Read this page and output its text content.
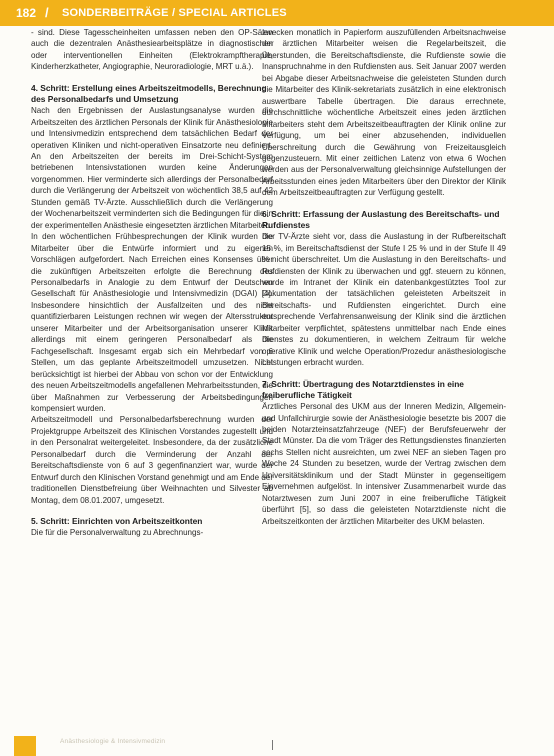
182 / SONDERBEITRÄGE / SPECIAL ARTICLES

- sind. Diese Tagesscheinheiten umfassen neben den OP-Sälen auch die dezentralen Anästhesiearbeitsplätze in diagnostischen oder interventionellen Einheiten (Elektrokrampftherapie, Kinderherzkatheter, Angiographie, Neuroradiologie, MRT u.ä.).

4. Schritt: Erstellung eines Arbeitszeitmodells, Berechnung des Personalbedarfs und Umsetzung

Nach den Ergebnissen der Auslastungsanalyse wurden die Arbeitszeiten des ärztlichen Personals der Klinik für Anästhesiologie und Intensivmedizin entsprechend dem tatsächlichen Bedarf der operativen Kliniken und nicht-operativen Einsatzorte neu definiert. An den Arbeitszeiten der bereits im Drei-Schicht-System betriebenen Intensivstationen wurden keine Änderungen vorgenommen. Hier verminderte sich allerdings der Personalbedarf durch die Verlängerung der Arbeitszeit von wöchentlich 38,5 auf 42 Stunden gemäß TV-Ärzte. Ausschließlich durch die Verlängerung der Wochenarbeitszeit verminderten sich die Bedingungen für die in der experimentellen Anästhesie eingesetzten ärztlichen Mitarbeiter.

In den wöchentlichen Frühbesprechungen der Klinik wurden die Mitarbeiter über die Entwürfe informiert und zu eigenen Vorschlägen aufgefordert. Nach Erreichen eines Konsenses über die zukünftigen Arbeitszeiten erfolgte die Berechnung des Personalbedarfs in Analogie zu dem Entwurf der Deutschen Gesellschaft für Anästhesiologie und Intensivmedizin (DGAI) [4]. Insbesondere hinsichtlich der Ausfallzeiten und des nicht quantifizierbaren Leistungen rechnen wir wegen der Altersstruktur unserer Mitarbeiter und der Arbeitsorganisation unserer Klinik allerdings mit einem geringeren Personalbedarf als die Fachgesellschaft. Insgesamt ergab sich ein Mehrbedarf von 6 Stellen, um das geplante Arbeitszeitmodell umzusetzen. Nicht berücksichtigt ist hierbei der Abbau von schon vor der Entwicklung des neuen Arbeitszeitmodells angefallenen Mehrarbeitsstunden, die über Maßnahmen zur Verbesserung der Arbeitsbedingungen kompensiert wurden.

Arbeitszeitmodell und Personalbedarfsberechnung wurden der Projektgruppe Arbeitszeit des Klinischen Vorstandes zugestellt und in den Personalrat weitergeleitet. Insbesondere, da der zusätzliche Personalbedarf durch die Verminderung der Anzahl der Bereitschaftsdienste von 6 auf 3 gegenfinanziert war, wurde der Entwurf durch den Klinischen Vorstand genehmigt und am Ende der traditionellen Dienstbefreiung über Weihnachten und Silvester ab Montag, dem 08.01.2007, umgesetzt.

5. Schritt: Einrichten von Arbeitszeitkonten

Die für die Personalverwaltung zu Abrechnungs-

zwecken monatlich in Papierform auszufüllenden Arbeitsnachweise der ärztlichen Mitarbeiter weisen die Regelarbeitszeit, die Überstunden, die Bereitschaftsdienste, die Rufdienste sowie die Inanspruchnahme in den Rufdiensten aus. Seit Januar 2007 werden bei Abgabe dieser Arbeitsnachweise die geleisteten Stunden durch die Mitarbeiter des Klinik-sekretariats zusätzlich in eine elektronisch auswertbare Tabelle übertragen. Die daraus errechnete, durchschnittliche wöchentliche Arbeitszeit eines jeden ärztlichen Mitarbeiters steht dem Arbeitszeitbeauftragten der Klinik online zur Verfügung, um bei einer abzusehenden, individuellen Überschreitung durch die Gewährung von Freizeitausgleich gegenzusteuern. Mit einer zeitlichen Latenz von etwa 6 Wochen werden aus der Personalverwaltung gleichsinnige Aufstellungen der Arbeitsstunden eines jeden Mitarbeiters über den Direktor der Klinik dem Arbeitszeitbeauftragten zur Verfügung gestellt.

6. Schritt: Erfassung der Auslastung des Bereitschafts- und Rufdienstes

Der TV-Ärzte sieht vor, dass die Auslastung in der Rufbereitschaft 15 %, im Bereitschaftsdienst der Stufe I 25 % und in der Stufe II 49 % nicht überschreitet. Um die Auslastung in den Bereitschafts- und Rufdiensten der Klinik zu überwachen und ggf. steuern zu können, wurde im Intranet der Klinik ein datenbankgestütztes Tool zur Dokumentation der tatsächlichen geleisteten Arbeitszeit in Bereitschafts- und Rufdiensten eingerichtet. Durch eine entsprechende Verfahrensanweisung der Klinik sind die ärztlichen Mitarbeiter verpflichtet, spätestens unmittelbar nach Ende eines Dienstes zu dokumentieren, in welchem Zeitraum für welche operative Klinik und welche Operation/Prozedur anästhesiologische Leistungen erbracht wurden.

7. Schritt: Übertragung des Notarztdienstes in eine freiberufliche Tätigkeit

Ärztliches Personal des UKM aus der Inneren Medizin, Allgemein- und Unfallchirurgie sowie der Anästhesiologie besetzte bis 2007 die beiden Notarzteinsatzfahrzeuge (NEF) der Berufsfeuerwehr der Stadt Münster. Da die vom Träger des Rettungsdienstes finanzierten sechs Stellen nicht ausreichten, um zwei NEF an sieben Tagen pro Woche 24 Stunden zu besetzen, wurde der Vertrag zwischen dem Universitätsklinikum und der Stadt Münster in gegenseitigem Einvernehmen aufgelöst. In intensiver Zusammenarbeit wurde das Notarztwesen zum Juni 2007 in eine freiberufliche Tätigkeit überführt [5], so dass die geleisteten Notarztdienste nicht die Arbeitszeitkonten der ärztlichen Mitarbeiter des UKM belasten.

Anästhesiologie & Intensivmedizin
